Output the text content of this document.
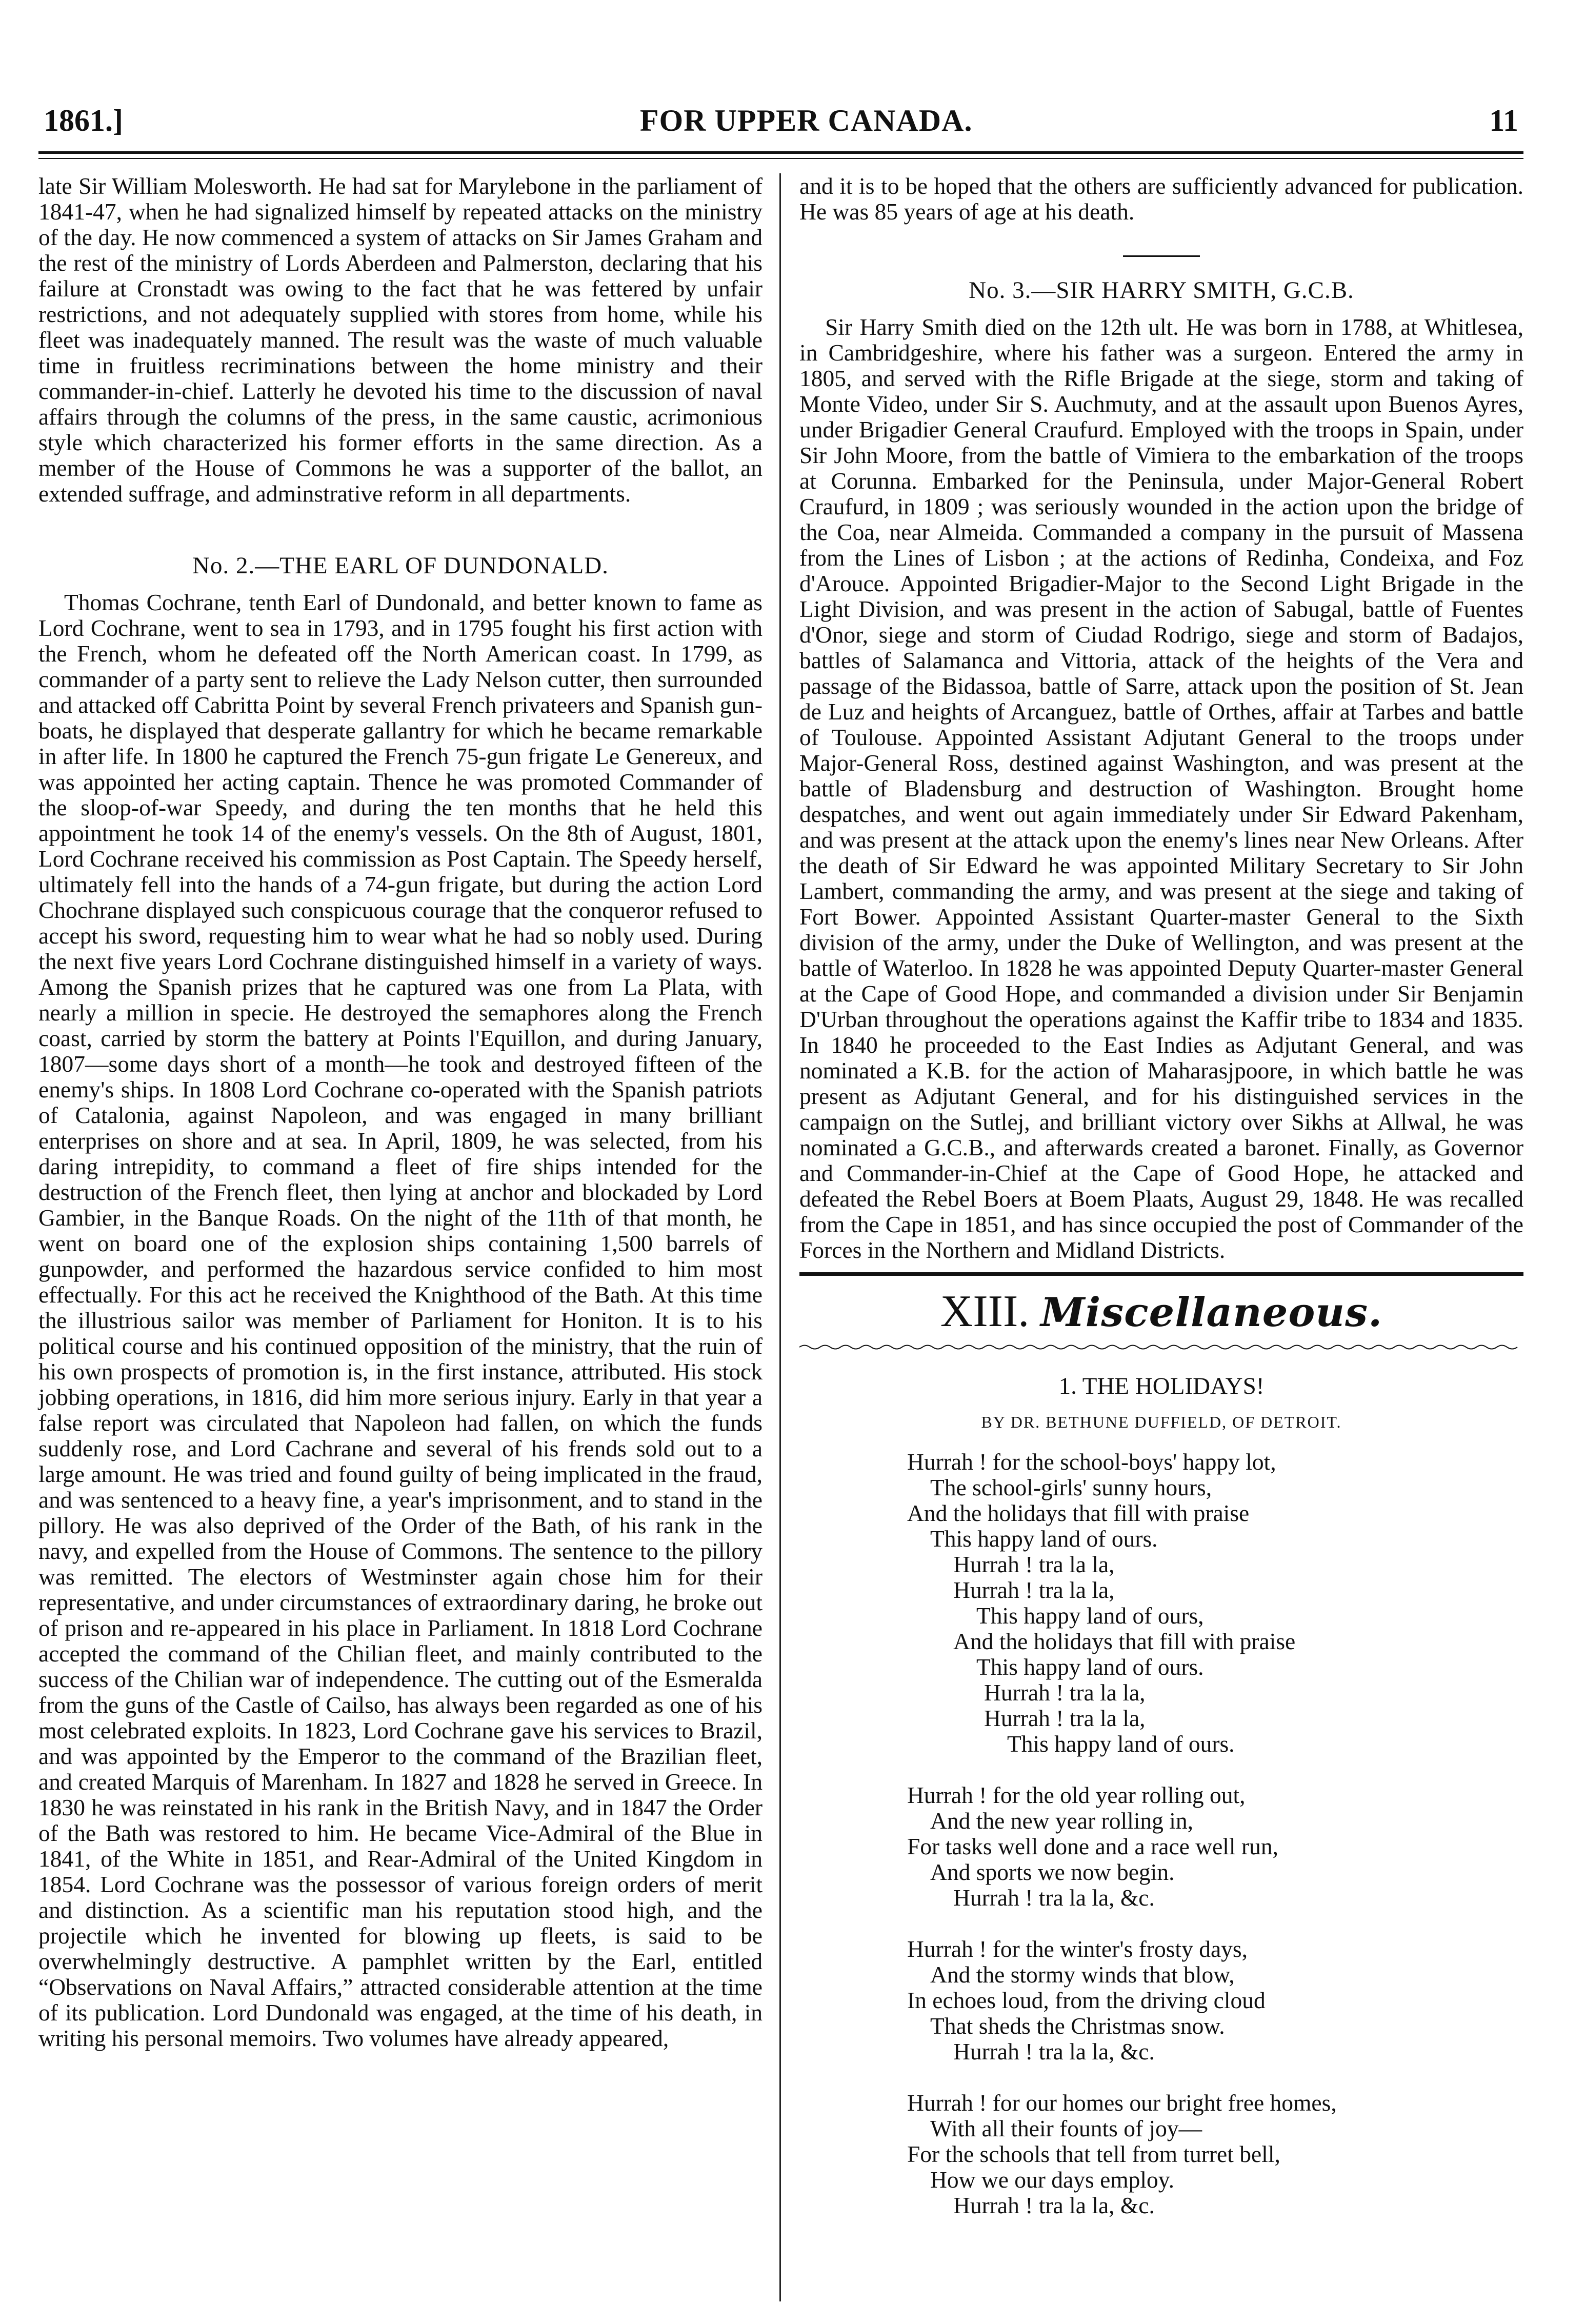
1861.]	FOR UPPER CANADA.	11

late Sir William Molesworth. He had sat for Marylebone in the parliament of 1841-47, when he had signalized himself by repeated attacks on the ministry of the day. He now commenced a system of attacks on Sir James Graham and the rest of the ministry of Lords Aberdeen and Palmerston, declaring that his failure at Cronstadt was owing to the fact that he was fettered by unfair restrictions, and not adequately supplied with stores from home, while his fleet was inadequately manned. The result was the waste of much valuable time in fruitless recriminations between the home ministry and their commander-in-chief. Latterly he devoted his time to the discussion of naval affairs through the columns of the press, in the same caustic, acrimonious style which characterized his former efforts in the same direction. As a member of the House of Commons he was a supporter of the ballot, an extended suffrage, and adminstrative reform in all departments.

No. 2.—THE EARL OF DUNDONALD.

Thomas Cochrane, tenth Earl of Dundonald, and better known to fame as Lord Cochrane, went to sea in 1793, and in 1795 fought his first action with the French, whom he defeated off the North American coast. In 1799, as commander of a party sent to relieve the Lady Nelson cutter, then surrounded and attacked off Cabritta Point by several French privateers and Spanish gun-boats, he displayed that desperate gallantry for which he became remarkable in after life. In 1800 he captured the French 75-gun frigate Le Genereux, and was appointed her acting captain. Thence he was promoted Commander of the sloop-of-war Speedy, and during the ten months that he held this appointment he took 14 of the enemy's vessels. On the 8th of August, 1801, Lord Cochrane received his commission as Post Captain. The Speedy herself, ultimately fell into the hands of a 74-gun frigate, but during the action Lord Chochrane displayed such conspicuous courage that the conqueror refused to accept his sword, requesting him to wear what he had so nobly used. During the next five years Lord Cochrane distinguished himself in a variety of ways. Among the Spanish prizes that he captured was one from La Plata, with nearly a million in specie. He destroyed the semaphores along the French coast, carried by storm the battery at Points l'Equillon, and during January, 1807—some days short of a month—he took and destroyed fifteen of the enemy's ships. In 1808 Lord Cochrane co-operated with the Spanish patriots of Catalonia, against Napoleon, and was engaged in many brilliant enterprises on shore and at sea. In April, 1809, he was selected, from his daring intrepidity, to command a fleet of fire ships intended for the destruction of the French fleet, then lying at anchor and blockaded by Lord Gambier, in the Banque Roads. On the night of the 11th of that month, he went on board one of the explosion ships containing 1,500 barrels of gunpowder, and performed the hazardous service confided to him most effectually. For this act he received the Knighthood of the Bath. At this time the illustrious sailor was member of Parliament for Honiton. It is to his political course and his continued opposition of the ministry, that the ruin of his own prospects of promotion is, in the first instance, attributed. His stock jobbing operations, in 1816, did him more serious injury. Early in that year a false report was circulated that Napoleon had fallen, on which the funds suddenly rose, and Lord Cachrane and several of his frends sold out to a large amount. He was tried and found guilty of being implicated in the fraud, and was sentenced to a heavy fine, a year's imprisonment, and to stand in the pillory. He was also deprived of the Order of the Bath, of his rank in the navy, and expelled from the House of Commons. The sentence to the pillory was remitted. The electors of Westminster again chose him for their representative, and under circumstances of extraordinary daring, he broke out of prison and re-appeared in his place in Parliament. In 1818 Lord Cochrane accepted the command of the Chilian fleet, and mainly contributed to the success of the Chilian war of independence. The cutting out of the Esmeralda from the guns of the Castle of Cailso, has always been regarded as one of his most celebrated exploits. In 1823, Lord Cochrane gave his services to Brazil, and was appointed by the Emperor to the command of the Brazilian fleet, and created Marquis of Marenham. In 1827 and 1828 he served in Greece. In 1830 he was reinstated in his rank in the British Navy, and in 1847 the Order of the Bath was restored to him. He became Vice-Admiral of the Blue in 1841, of the White in 1851, and Rear-Admiral of the United Kingdom in 1854. Lord Cochrane was the possessor of various foreign orders of merit and distinction. As a scientific man his reputation stood high, and the projectile which he invented for blowing up fleets, is said to be overwhelmingly destructive. A pamphlet written by the Earl, entitled “Observations on Naval Affairs,” attracted considerable attention at the time of its publication. Lord Dundonald was engaged, at the time of his death, in writing his personal memoirs. Two volumes have already appeared,

and it is to be hoped that the others are sufficiently advanced for publication. He was 85 years of age at his death.

No. 3.—SIR HARRY SMITH, G.C.B.

Sir Harry Smith died on the 12th ult. He was born in 1788, at Whitlesea, in Cambridgeshire, where his father was a surgeon. Entered the army in 1805, and served with the Rifle Brigade at the siege, storm and taking of Monte Video, under Sir S. Auchmuty, and at the assault upon Buenos Ayres, under Brigadier General Craufurd. Employed with the troops in Spain, under Sir John Moore, from the battle of Vimiera to the embarkation of the troops at Corunna. Embarked for the Peninsula, under Major-General Robert Craufurd, in 1809 ; was seriously wounded in the action upon the bridge of the Coa, near Almeida. Commanded a company in the pursuit of Massena from the Lines of Lisbon ; at the actions of Redinha, Condeixa, and Foz d'Arouce. Appointed Brigadier-Major to the Second Light Brigade in the Light Division, and was present in the action of Sabugal, battle of Fuentes d'Onor, siege and storm of Ciudad Rodrigo, siege and storm of Badajos, battles of Salamanca and Vittoria, attack of the heights of the Vera and passage of the Bidassoa, battle of Sarre, attack upon the position of St. Jean de Luz and heights of Arcanguez, battle of Orthes, affair at Tarbes and battle of Toulouse. Appointed Assistant Adjutant General to the troops under Major-General Ross, destined against Washington, and was present at the battle of Bladensburg and destruction of Washington. Brought home despatches, and went out again immediately under Sir Edward Pakenham, and was present at the attack upon the enemy's lines near New Orleans. After the death of Sir Edward he was appointed Military Secretary to Sir John Lambert, commanding the army, and was present at the siege and taking of Fort Bower. Appointed Assistant Quarter-master General to the Sixth division of the army, under the Duke of Wellington, and was present at the battle of Waterloo. In 1828 he was appointed Deputy Quarter-master General at the Cape of Good Hope, and commanded a division under Sir Benjamin D'Urban throughout the operations against the Kaffir tribe to 1834 and 1835. In 1840 he proceeded to the East Indies as Adjutant General, and was nominated a K.B. for the action of Maharasjpoore, in which battle he was present as Adjutant General, and for his distinguished services in the campaign on the Sutlej, and brilliant victory over Sikhs at Allwal, he was nominated a G.C.B., and afterwards created a baronet. Finally, as Governor and Commander-in-Chief at the Cape of Good Hope, he attacked and defeated the Rebel Boers at Boem Plaats, August 29, 1848. He was recalled from the Cape in 1851, and has since occupied the post of Commander of the Forces in the Northern and Midland Districts.

XIII. Miscellaneous.
1. THE HOLIDAYS!
BY DR. BETHUNE DUFFIELD, OF DETROIT.
Hurrah ! for the school-boys' happy lot,
The school-girls' sunny hours,
And the holidays that fill with praise
This happy land of ours.
Hurrah ! tra la la,
Hurrah ! tra la la,
This happy land of ours,
And the holidays that fill with praise
This happy land of ours.
Hurrah ! tra la la,
Hurrah ! tra la la,
This happy land of ours.
Hurrah ! for the old year rolling out,
And the new year rolling in,
For tasks well done and a race well run,
And sports we now begin.
Hurrah ! tra la la, &c.
Hurrah ! for the winter's frosty days,
And the stormy winds that blow,
In echoes loud, from the driving cloud
That sheds the Christmas snow.
Hurrah ! tra la la, &c.
Hurrah ! for our homes our bright free homes,
With all their founts of joy—
For the schools that tell from turret bell,
How we our days employ.
Hurrah ! tra la la, &c.
